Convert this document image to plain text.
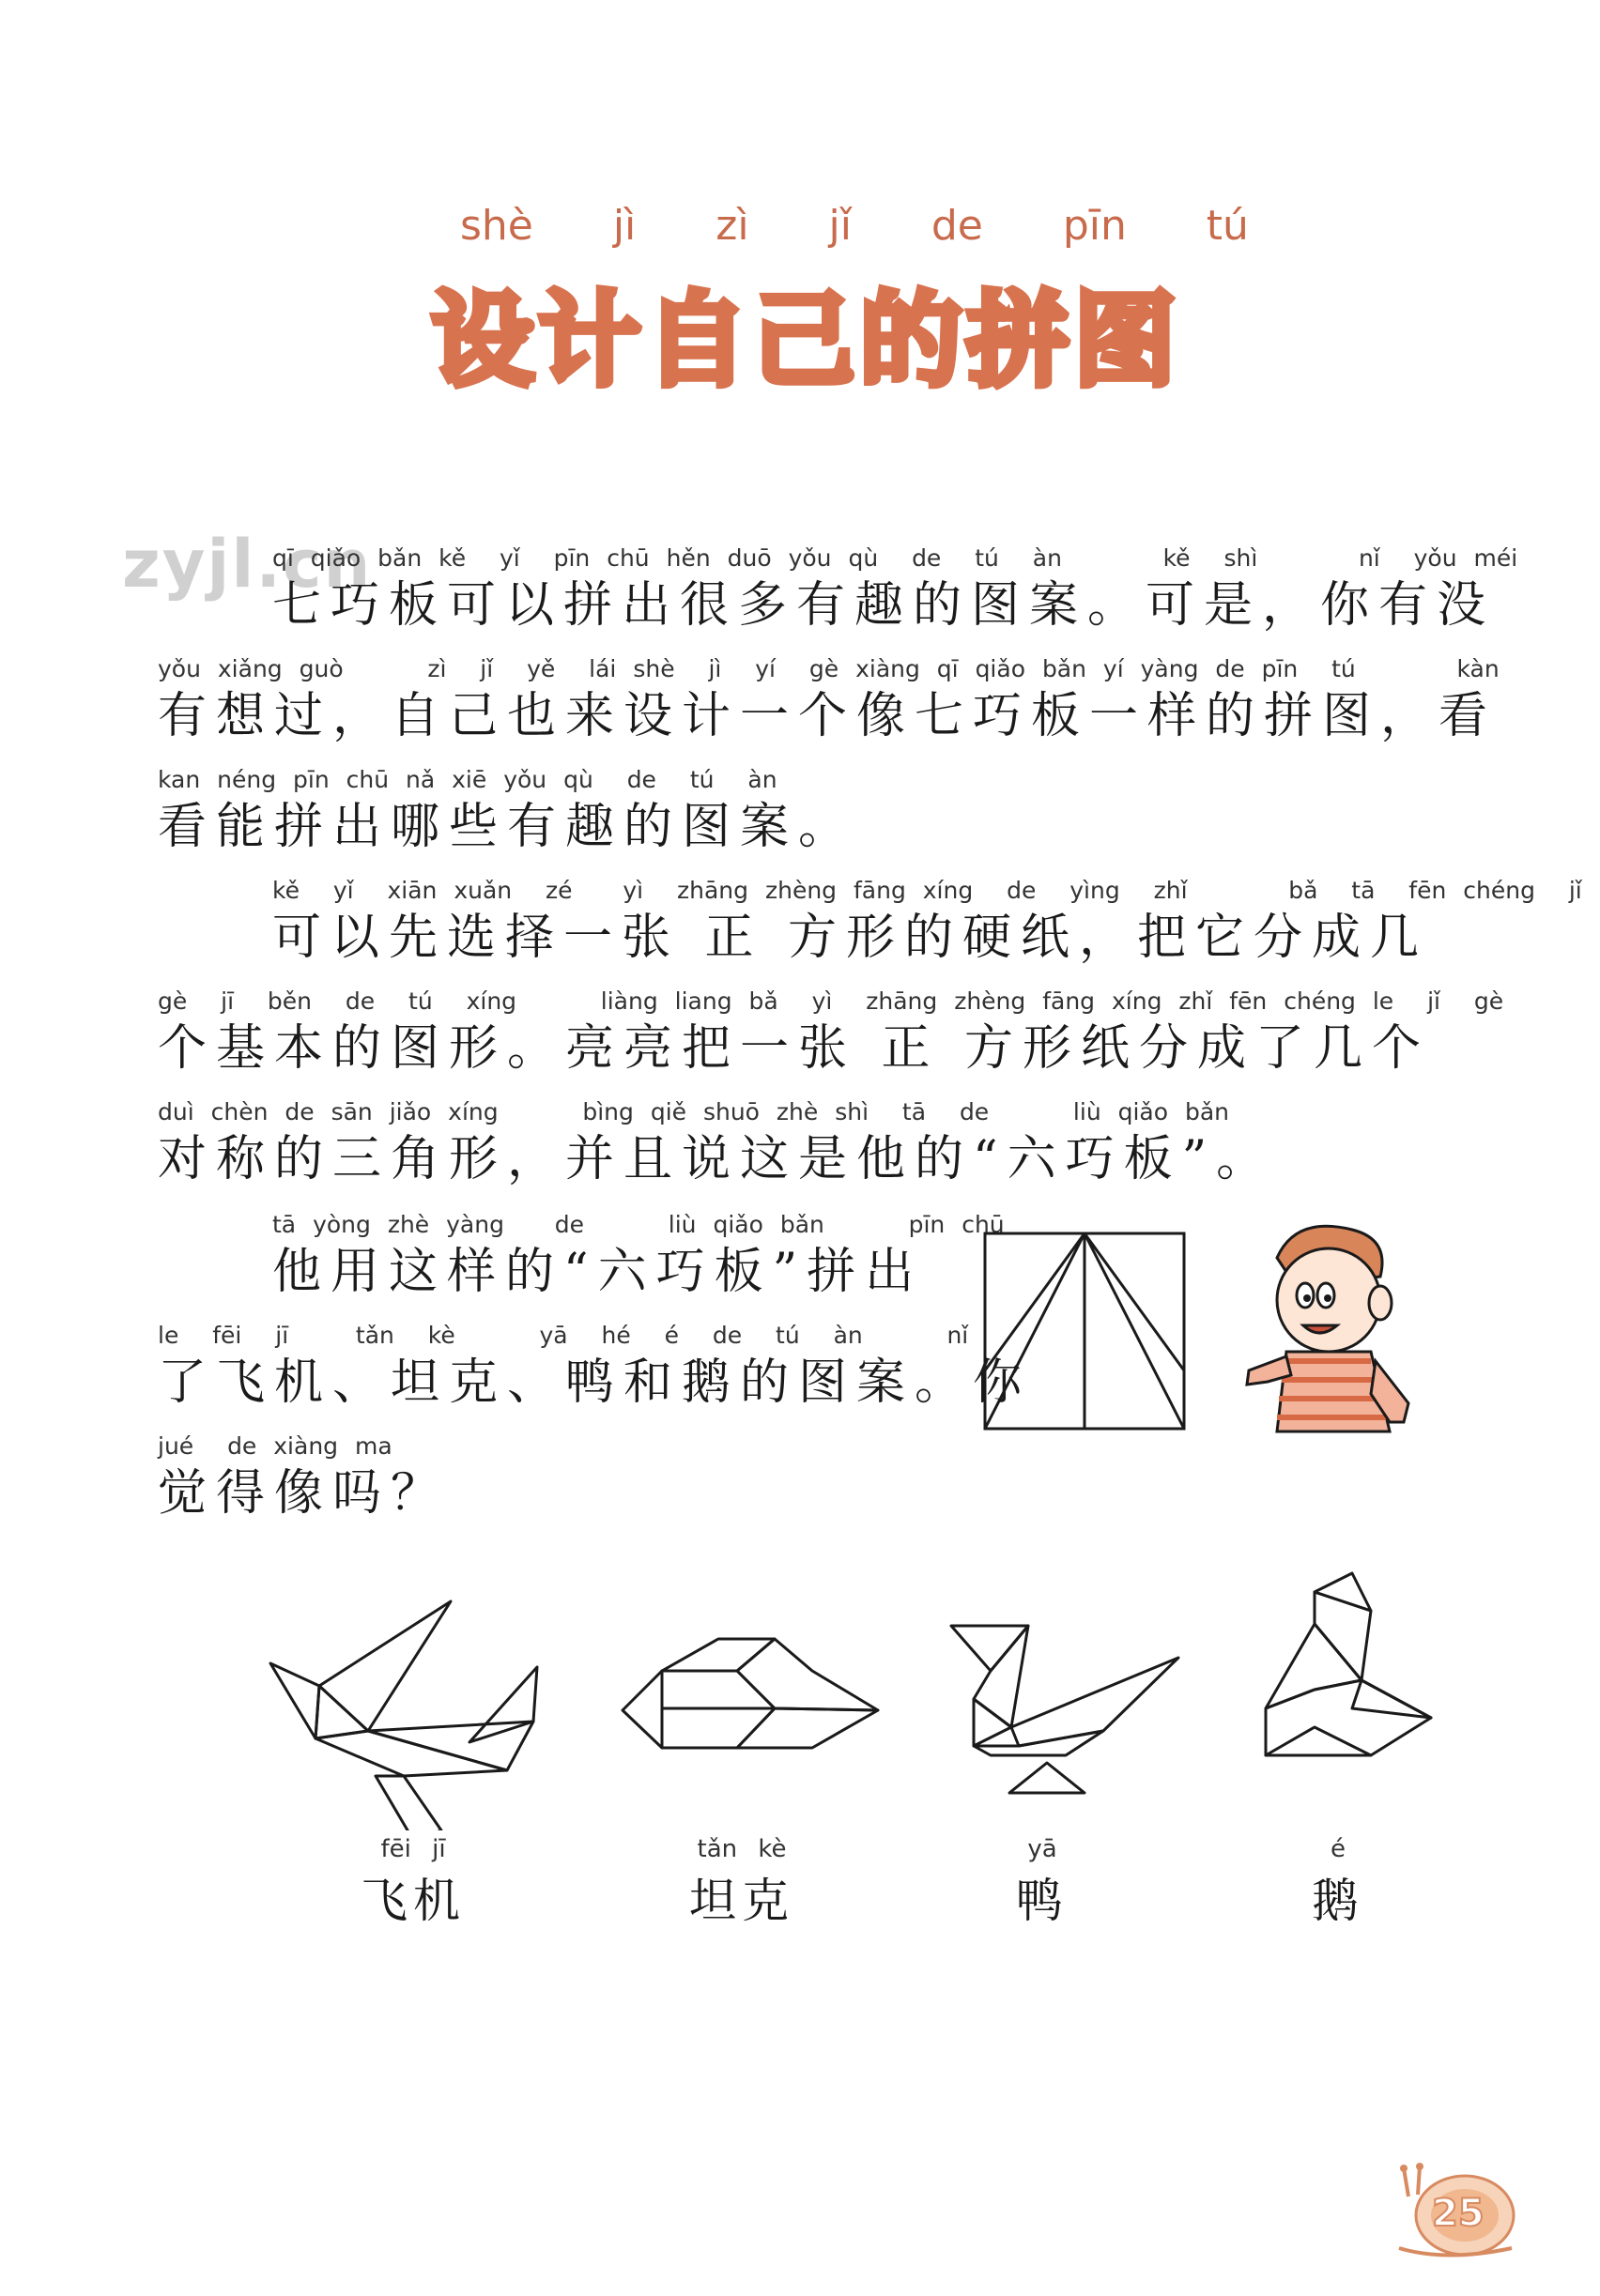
zyjl.cn
shè jì zì jǐ de pīn tú
设计自己的拼图
qī qiǎo bǎn kě  yǐ  pīn chū hěn duō yǒu qù  de  tú  àn      kě  shì      nǐ  yǒu méi
七巧板可以拼出很多有趣的图案。可是，你有没
yǒu xiǎng guò     zì  jǐ  yě  lái shè  jì  yí  gè xiàng qī qiǎo bǎn yí yàng de pīn  tú      kàn
有想过，自己也来设计一个像七巧板一样的拼图，看
kan néng pīn chū nǎ xiē yǒu qù  de  tú  àn
看能拼出哪些有趣的图案。
kě  yǐ  xiān xuǎn  zé   yì  zhāng zhèng fāng xíng  de  yìng  zhǐ      bǎ  tā  fēn chéng  jǐ
可以先选择一张 正 方形的硬纸，把它分成几
gè  jī  běn  de  tú  xíng     liàng liang bǎ  yì  zhāng zhèng fāng xíng zhǐ fēn chéng le  jǐ  gè
个基本的图形。亮亮把一张 正 方形纸分成了几个
duì chèn de sān jiǎo xíng     bìng qiě shuō zhè shì  tā  de     liù qiǎo bǎn
对称的三角形，并且说这是他的“六巧板”。
tā yòng zhè yàng   de     liù qiǎo bǎn     pīn chū
他用这样的“六巧板”拼出
le  fēi  jī    tǎn  kè     yā  hé  é  de  tú  àn     nǐ
了飞机、坦克、鸭和鹅的图案。你
jué  de xiàng ma
觉得像吗？
fēi jī
飞机
tǎn kè
坦克
yā
鸭
é
鹅
25
